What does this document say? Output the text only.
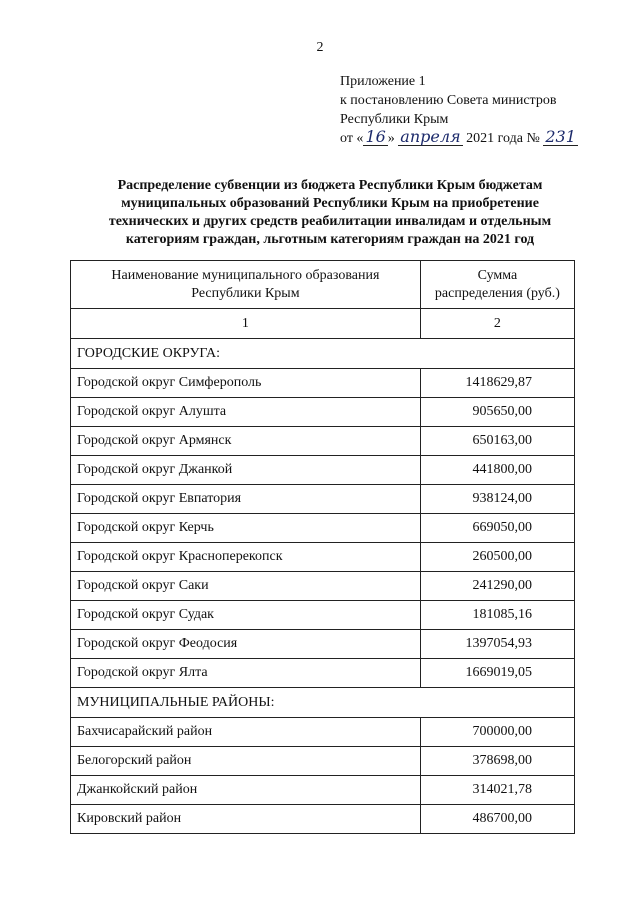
2
Приложение 1
к постановлению Совета министров
Республики Крым
от « 16 » апреля 2021 года № 231
Распределение субвенции из бюджета Республики Крым бюджетам
муниципальных образований Республики Крым на приобретение
технических и других средств реабилитации инвалидам и отдельным
категориям граждан, льготным категориям граждан на 2021 год
Наименование муниципального образования
Республики Крым	Сумма
распределения (руб.)
1	2
ГОРОДСКИЕ ОКРУГА:	
Городской округ Симферополь	1418629,87
Городской округ Алушта	905650,00
Городской округ Армянск	650163,00
Городской округ Джанкой	441800,00
Городской округ Евпатория	938124,00
Городской округ Керчь	669050,00
Городской округ Красноперекопск	260500,00
Городской округ Саки	241290,00
Городской округ Судак	181085,16
Городской округ Феодосия	1397054,93
Городской округ Ялта	1669019,05
МУНИЦИПАЛЬНЫЕ РАЙОНЫ:	
Бахчисарайский район	700000,00
Белогорский район	378698,00
Джанкойский район	314021,78
Кировский район	486700,00
